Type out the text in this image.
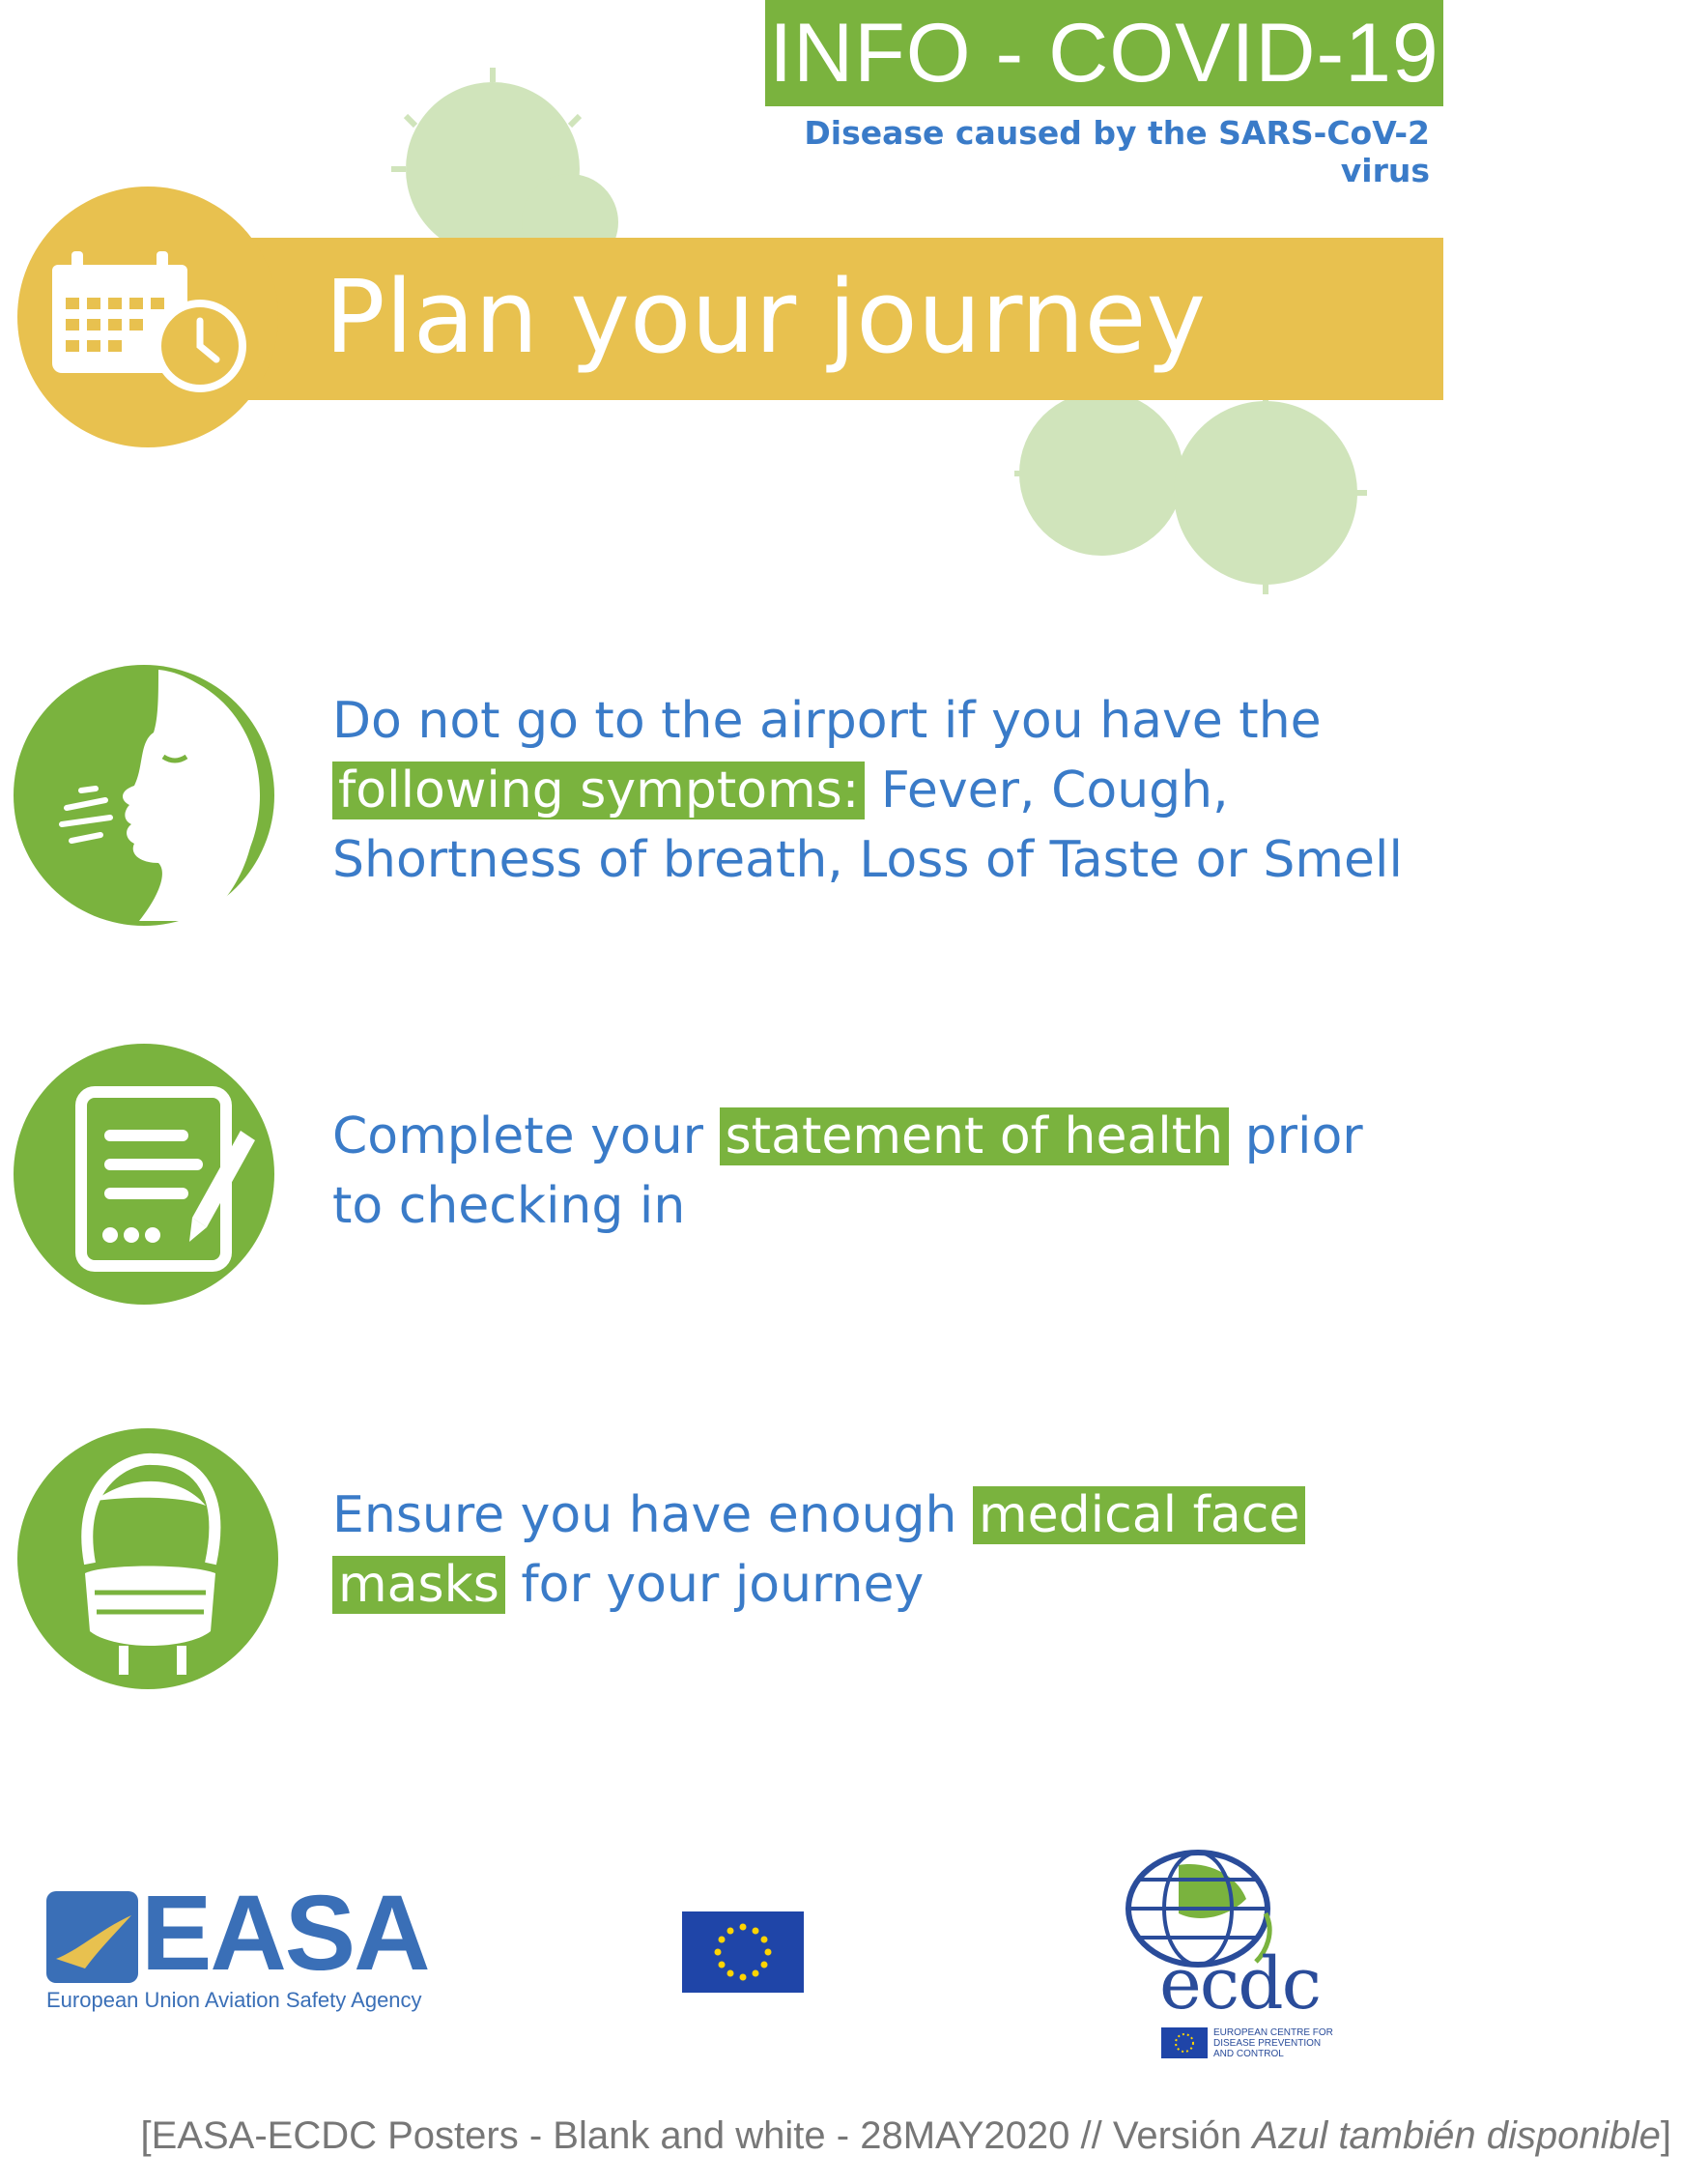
INFO - COVID-19
Disease caused by the SARS-CoV-2 virus
Plan your journey
Do not go to the airport if you have the
following symptoms: Fever, Cough,
Shortness of breath, Loss of Taste or Smell
Complete your statement of health prior
to checking in
Ensure you have enough medical face
masks for your journey
EASA
European Union Aviation Safety Agency	ecdc
EUROPEAN CENTRE FOR
DISEASE PREVENTION
AND CONTROL
[EASA-ECDC Posters - Blank and white - 28MAY2020 // Versión Azul también disponible]
